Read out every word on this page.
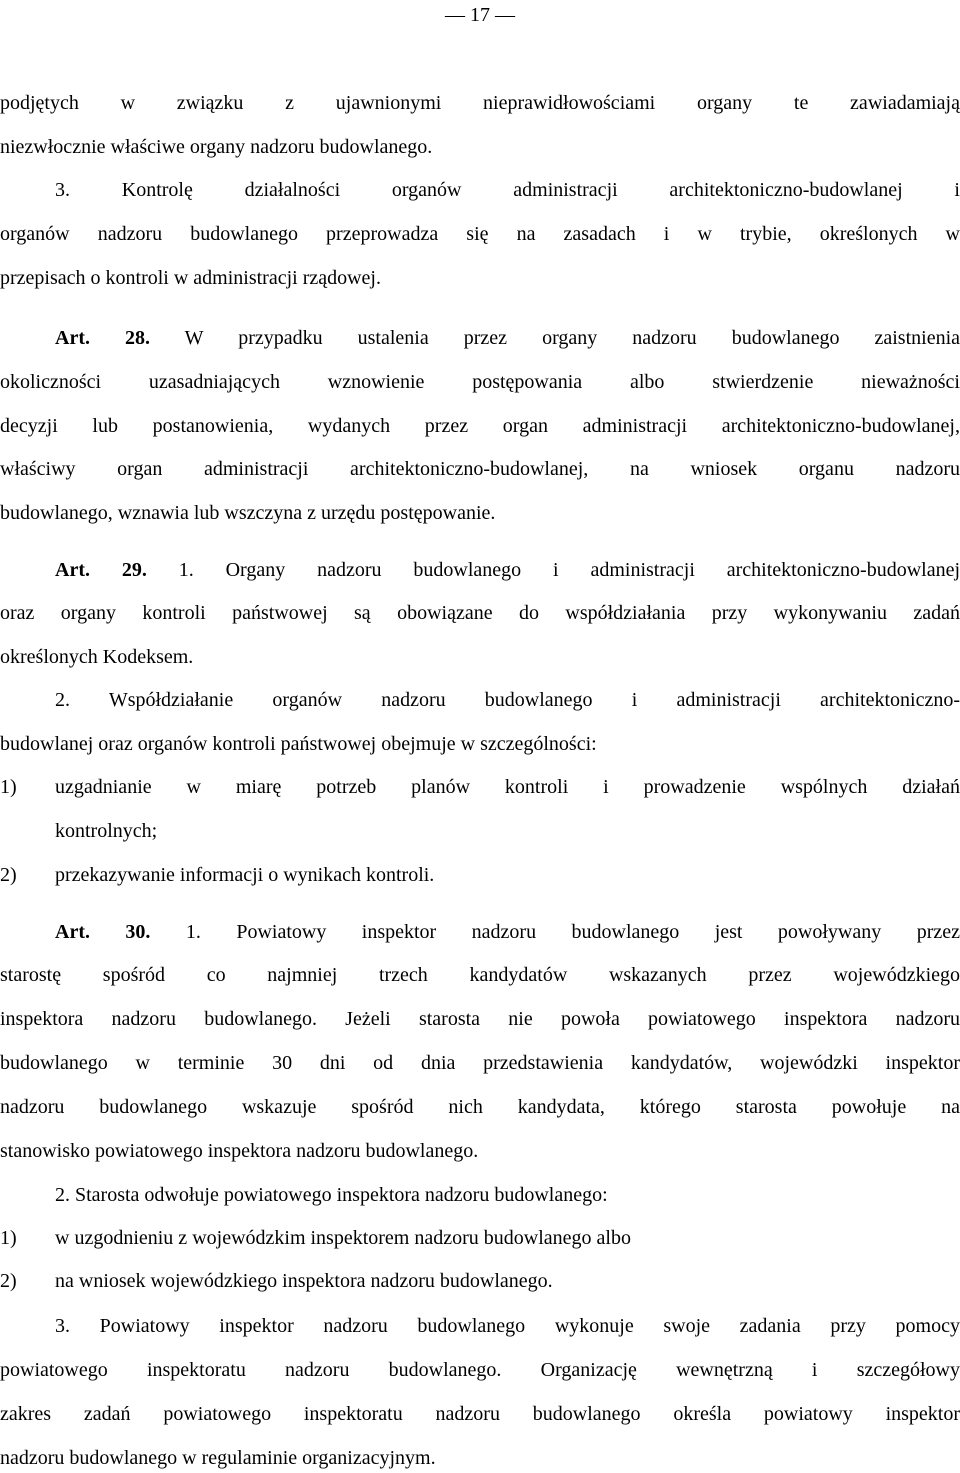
— 17 —
podjętych w związku z ujawnionymi nieprawidłowościami organy te zawiadamiają
niezwłocznie właściwe organy nadzoru budowlanego.
3. Kontrolę działalności organów administracji architektoniczno-budowlanej i
organów nadzoru budowlanego przeprowadza się na zasadach i w trybie, określonych w
przepisach o kontroli w administracji rządowej.
Art. 28. W przypadku ustalenia przez organy nadzoru budowlanego zaistnienia
okoliczności uzasadniających wznowienie postępowania albo stwierdzenie nieważności
decyzji lub postanowienia, wydanych przez organ administracji architektoniczno-budowlanej,
właściwy organ administracji architektoniczno-budowlanej, na wniosek organu nadzoru
budowlanego, wznawia lub wszczyna z urzędu postępowanie.
Art. 29. 1. Organy nadzoru budowlanego i administracji architektoniczno-budowlanej
oraz organy kontroli państwowej są obowiązane do współdziałania przy wykonywaniu zadań
określonych Kodeksem.
2. Współdziałanie organów nadzoru budowlanego i administracji architektoniczno-
budowlanej oraz organów kontroli państwowej obejmuje w szczególności:
1) uzgadnianie w miarę potrzeb planów kontroli i prowadzenie wspólnych działań
kontrolnych;
2) przekazywanie informacji o wynikach kontroli.
Art. 30. 1. Powiatowy inspektor nadzoru budowlanego jest powoływany przez
starostę spośród co najmniej trzech kandydatów wskazanych przez wojewódzkiego
inspektora nadzoru budowlanego. Jeżeli starosta nie powoła powiatowego inspektora nadzoru
budowlanego w terminie 30 dni od dnia przedstawienia kandydatów, wojewódzki inspektor
nadzoru budowlanego wskazuje spośród nich kandydata, którego starosta powołuje na
stanowisko powiatowego inspektora nadzoru budowlanego.
2. Starosta odwołuje powiatowego inspektora nadzoru budowlanego:
1) w uzgodnieniu z wojewódzkim inspektorem nadzoru budowlanego albo
2) na wniosek wojewódzkiego inspektora nadzoru budowlanego.
3. Powiatowy inspektor nadzoru budowlanego wykonuje swoje zadania przy pomocy
powiatowego inspektoratu nadzoru budowlanego. Organizację wewnętrzną i szczegółowy
zakres zadań powiatowego inspektoratu nadzoru budowlanego określa powiatowy inspektor
nadzoru budowlanego w regulaminie organizacyjnym.
